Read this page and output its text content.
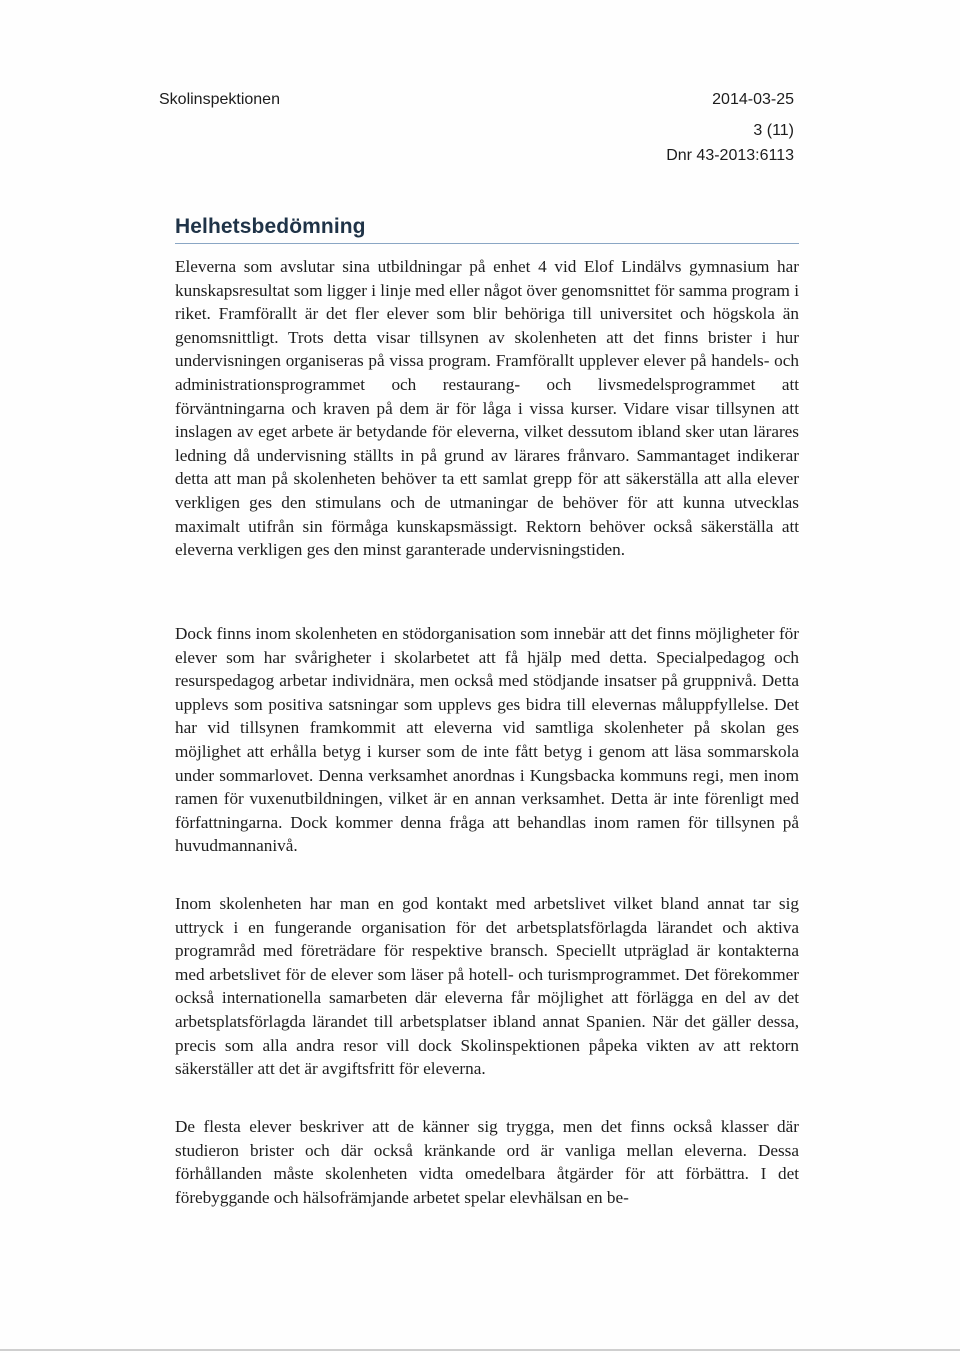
Skolinspektionen	2014-03-25
3 (11)
Dnr 43-2013:6113
Helhetsbedömning

Eleverna som avslutar sina utbildningar på enhet 4 vid Elof Lindälvs gymnasium har kunskapsresultat som ligger i linje med eller något över genomsnittet för samma program i riket. Framförallt är det fler elever som blir behöriga till universitet och högskola än genomsnittligt. Trots detta visar tillsynen av skolenheten att det finns brister i hur undervisningen organiseras på vissa program. Framförallt upplever elever på handels- och administrationsprogrammet och restaurang- och livsmedelsprogrammet att förväntningarna och kraven på dem är för låga i vissa kurser. Vidare visar tillsynen att inslagen av eget arbete är betydande för eleverna, vilket dessutom ibland sker utan lärares ledning då undervisning ställts in på grund av lärares frånvaro. Sammantaget indikerar detta att man på skolenheten behöver ta ett samlat grepp för att säkerställa att alla elever verkligen ges den stimulans och de utmaningar de behöver för att kunna utvecklas maximalt utifrån sin förmåga kunskapsmässigt. Rektorn behöver också säkerställa att eleverna verkligen ges den minst garanterade undervisningstiden.

Dock finns inom skolenheten en stödorganisation som innebär att det finns möjligheter för elever som har svårigheter i skolarbetet att få hjälp med detta. Specialpedagog och resurspedagog arbetar individnära, men också med stödjande insatser på gruppnivå. Detta upplevs som positiva satsningar som upplevs ges bidra till elevernas måluppfyllelse. Det har vid tillsynen framkommit att eleverna vid samtliga skolenheter på skolan ges möjlighet att erhålla betyg i kurser som de inte fått betyg i genom att läsa sommarskola under sommarlovet. Denna verksamhet anordnas i Kungsbacka kommuns regi, men inom ramen för vuxenutbildningen, vilket är en annan verksamhet. Detta är inte förenligt med författningarna. Dock kommer denna fråga att behandlas inom ramen för tillsynen på huvudmannanivå.

Inom skolenheten har man en god kontakt med arbetslivet vilket bland annat tar sig uttryck i en fungerande organisation för det arbetsplatsförlagda lärandet och aktiva programråd med företrädare för respektive bransch. Speciellt utpräglad är kontakterna med arbetslivet för de elever som läser på hotell- och turismprogrammet. Det förekommer också internationella samarbeten där eleverna får möjlighet att förlägga en del av det arbetsplatsförlagda lärandet till arbetsplatser ibland annat Spanien. När det gäller dessa, precis som alla andra resor vill dock Skolinspektionen påpeka vikten av att rektorn säkerställer att det är avgiftsfritt för eleverna.

De flesta elever beskriver att de känner sig trygga, men det finns också klasser där studieron brister och där också kränkande ord är vanliga mellan eleverna. Dessa förhållanden måste skolenheten vidta omedelbara åtgärder för att förbättra. I det förebyggande och hälsofrämjande arbetet spelar elevhälsan en be-
